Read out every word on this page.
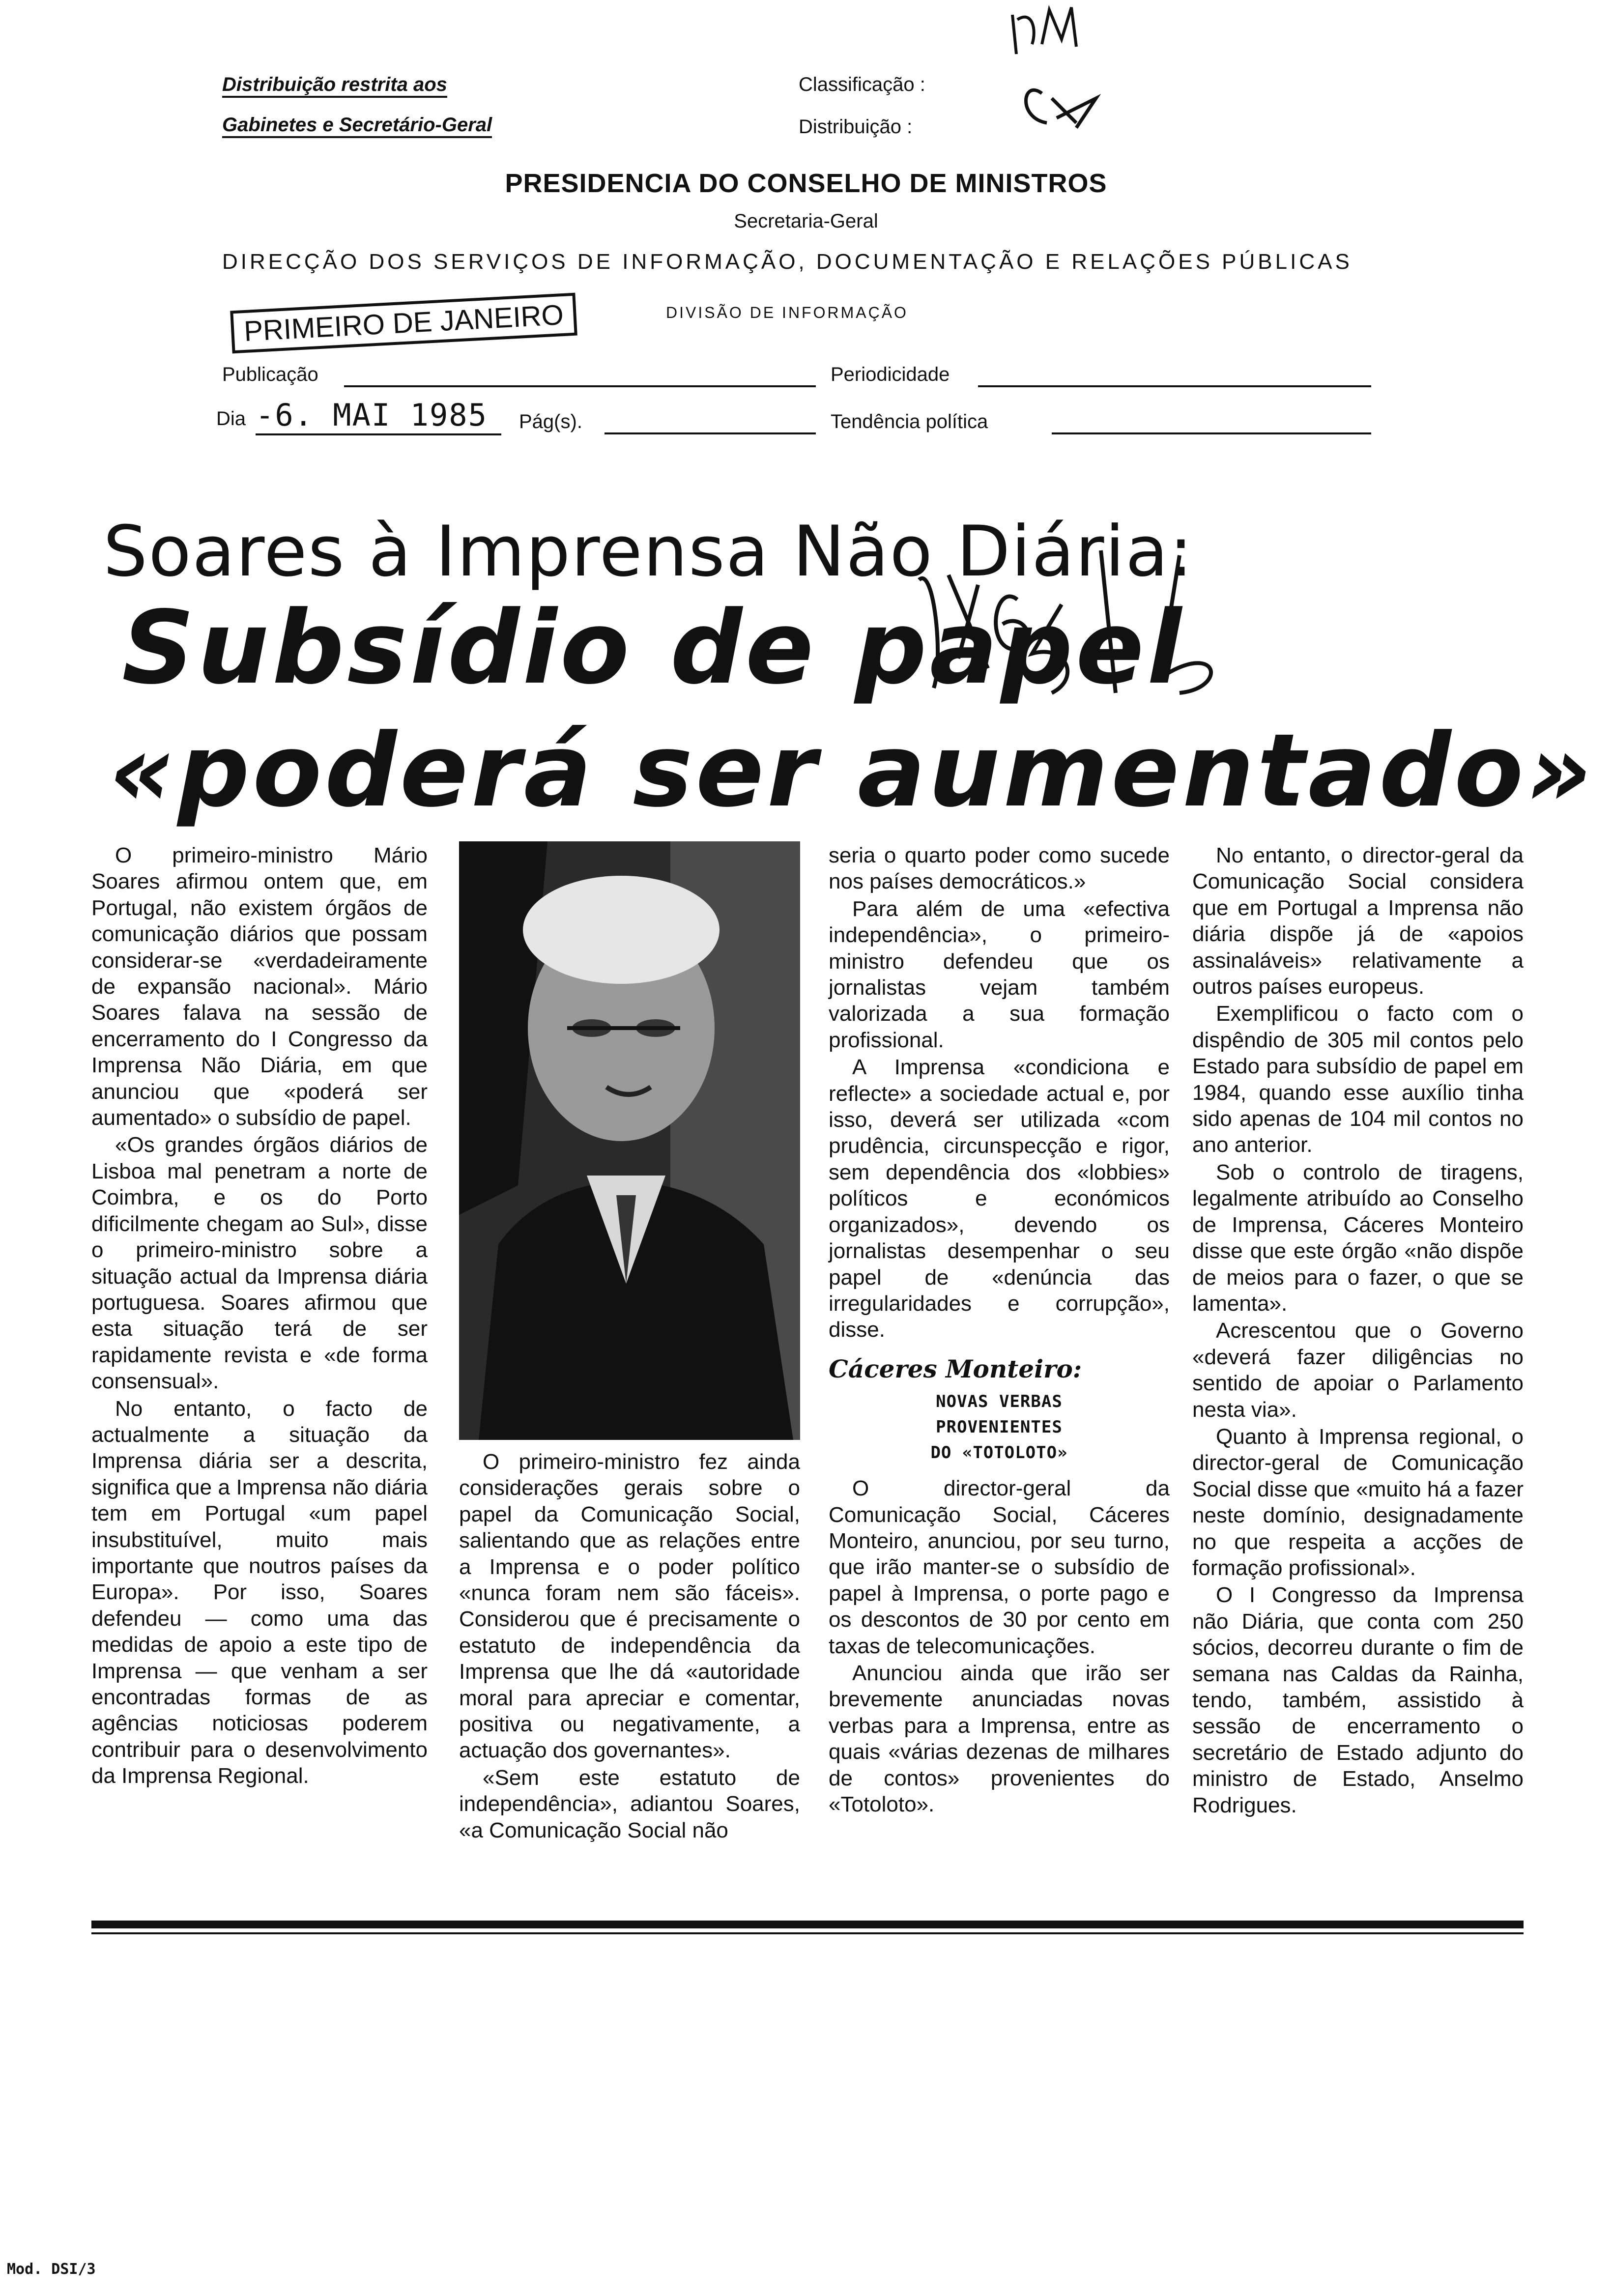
Distribuição restrita aos
Gabinetes e Secretário-Geral
Classificação :
Distribuição :
PRESIDENCIA DO CONSELHO DE MINISTROS
Secretaria-Geral
DIRECÇÃO DOS SERVIÇOS DE INFORMAÇÃO, DOCUMENTAÇÃO E RELAÇÕES PÚBLICAS
DIVISÃO DE INFORMAÇÃO
PRIMEIRO DE JANEIRO
Publicação	Periodicidade
Dia -6. MAI 1985 Pág(s).	Tendência política
Soares à Imprensa Não Diária:
Subsídio de papel
«poderá ser aumentado»

O primeiro-ministro Mário Soares afirmou ontem que, em Portugal, não existem órgãos de comunicação diários que possam considerar-se «verdadeiramente de expansão nacional». Mário Soares falava na sessão de encerramento do I Congresso da Imprensa Não Diária, em que anunciou que «poderá ser aumentado» o subsídio de papel.

«Os grandes órgãos diários de Lisboa mal penetram a norte de Coimbra, e os do Porto dificilmente chegam ao Sul», disse o primeiro-ministro sobre a situação actual da Imprensa diária portuguesa. Soares afirmou que esta situação terá de ser rapidamente revista e «de forma consensual».

No entanto, o facto de actualmente a situação da Imprensa diária ser a descrita, significa que a Imprensa não diária tem em Portugal «um papel insubstituível, muito mais importante que noutros países da Europa». Por isso, Soares defendeu — como uma das medidas de apoio a este tipo de Imprensa — que venham a ser encontradas formas de as agências noticiosas poderem contribuir para o desenvolvimento da Imprensa Regional.

O primeiro-ministro fez ainda considerações gerais sobre o papel da Comunicação Social, salientando que as relações entre a Imprensa e o poder político «nunca foram nem são fáceis». Considerou que é precisamente o estatuto de independência da Imprensa que lhe dá «autoridade moral para apreciar e comentar, positiva ou negativamente, a actuação dos governantes».

«Sem este estatuto de independência», adiantou Soares, «a Comunicação Social não

seria o quarto poder como sucede nos países democráticos.»

Para além de uma «efectiva independência», o primeiro-ministro defendeu que os jornalistas vejam também valorizada a sua formação profissional.

A Imprensa «condiciona e reflecte» a sociedade actual e, por isso, deverá ser utilizada «com prudência, circunspecção e rigor, sem dependência dos «lobbies» políticos e económicos organizados», devendo os jornalistas desempenhar o seu papel de «denúncia das irregularidades e corrupção», disse.

Cáceres Monteiro:
NOVAS VERBAS
PROVENIENTES
DO «TOTOLOTO»

O director-geral da Comunicação Social, Cáceres Monteiro, anunciou, por seu turno, que irão manter-se o subsídio de papel à Imprensa, o porte pago e os descontos de 30 por cento em taxas de telecomunicações.

Anunciou ainda que irão ser brevemente anunciadas novas verbas para a Imprensa, entre as quais «várias dezenas de milhares de contos» provenientes do «Totoloto».

No entanto, o director-geral da Comunicação Social considera que em Portugal a Imprensa não diária dispõe já de «apoios assinaláveis» relativamente a outros países europeus.

Exemplificou o facto com o dispêndio de 305 mil contos pelo Estado para subsídio de papel em 1984, quando esse auxílio tinha sido apenas de 104 mil contos no ano anterior.

Sob o controlo de tiragens, legalmente atribuído ao Conselho de Imprensa, Cáceres Monteiro disse que este órgão «não dispõe de meios para o fazer, o que se lamenta».

Acrescentou que o Governo «deverá fazer diligências no sentido de apoiar o Parlamento nesta via».

Quanto à Imprensa regional, o director-geral de Comunicação Social disse que «muito há a fazer neste domínio, designadamente no que respeita a acções de formação profissional».

O I Congresso da Imprensa não Diária, que conta com 250 sócios, decorreu durante o fim de semana nas Caldas da Rainha, tendo, também, assistido à sessão de encerramento o secretário de Estado adjunto do ministro de Estado, Anselmo Rodrigues.

Mod. DSI/3
